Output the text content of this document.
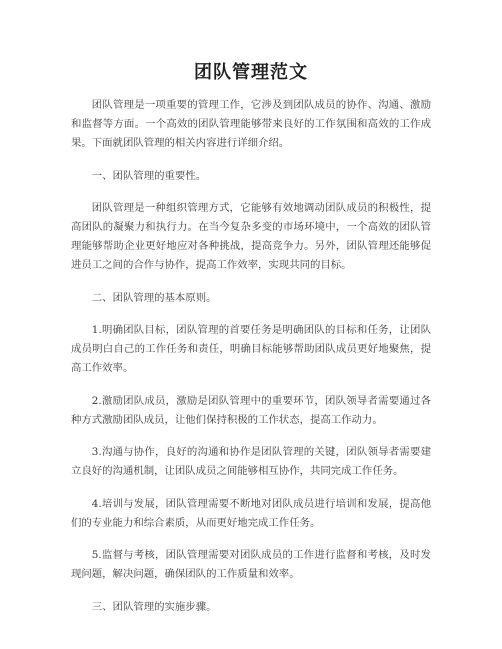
团队管理范文

团队管理是一项重要的管理工作，它涉及到团队成员的协作、沟通、激励和监督等方面。一个高效的团队管理能够带来良好的工作氛围和高效的工作成果。下面就团队管理的相关内容进行详细介绍。

一、团队管理的重要性。

团队管理是一种组织管理方式，它能够有效地调动团队成员的积极性，提高团队的凝聚力和执行力。在当今复杂多变的市场环境中，一个高效的团队管理能够帮助企业更好地应对各种挑战，提高竞争力。另外，团队管理还能够促进员工之间的合作与协作，提高工作效率，实现共同的目标。

二、团队管理的基本原则。

1.明确团队目标，团队管理的首要任务是明确团队的目标和任务，让团队成员明白自己的工作任务和责任，明确目标能够帮助团队成员更好地聚焦，提高工作效率。

2.激励团队成员，激励是团队管理中的重要环节，团队领导者需要通过各种方式激励团队成员，让他们保持积极的工作状态，提高工作动力。

3.沟通与协作，良好的沟通和协作是团队管理的关键，团队领导者需要建立良好的沟通机制，让团队成员之间能够相互协作，共同完成工作任务。

4.培训与发展，团队管理需要不断地对团队成员进行培训和发展，提高他们的专业能力和综合素质，从而更好地完成工作任务。

5.监督与考核，团队管理需要对团队成员的工作进行监督和考核，及时发现问题，解决问题，确保团队的工作质量和效率。

三、团队管理的实施步骤。
